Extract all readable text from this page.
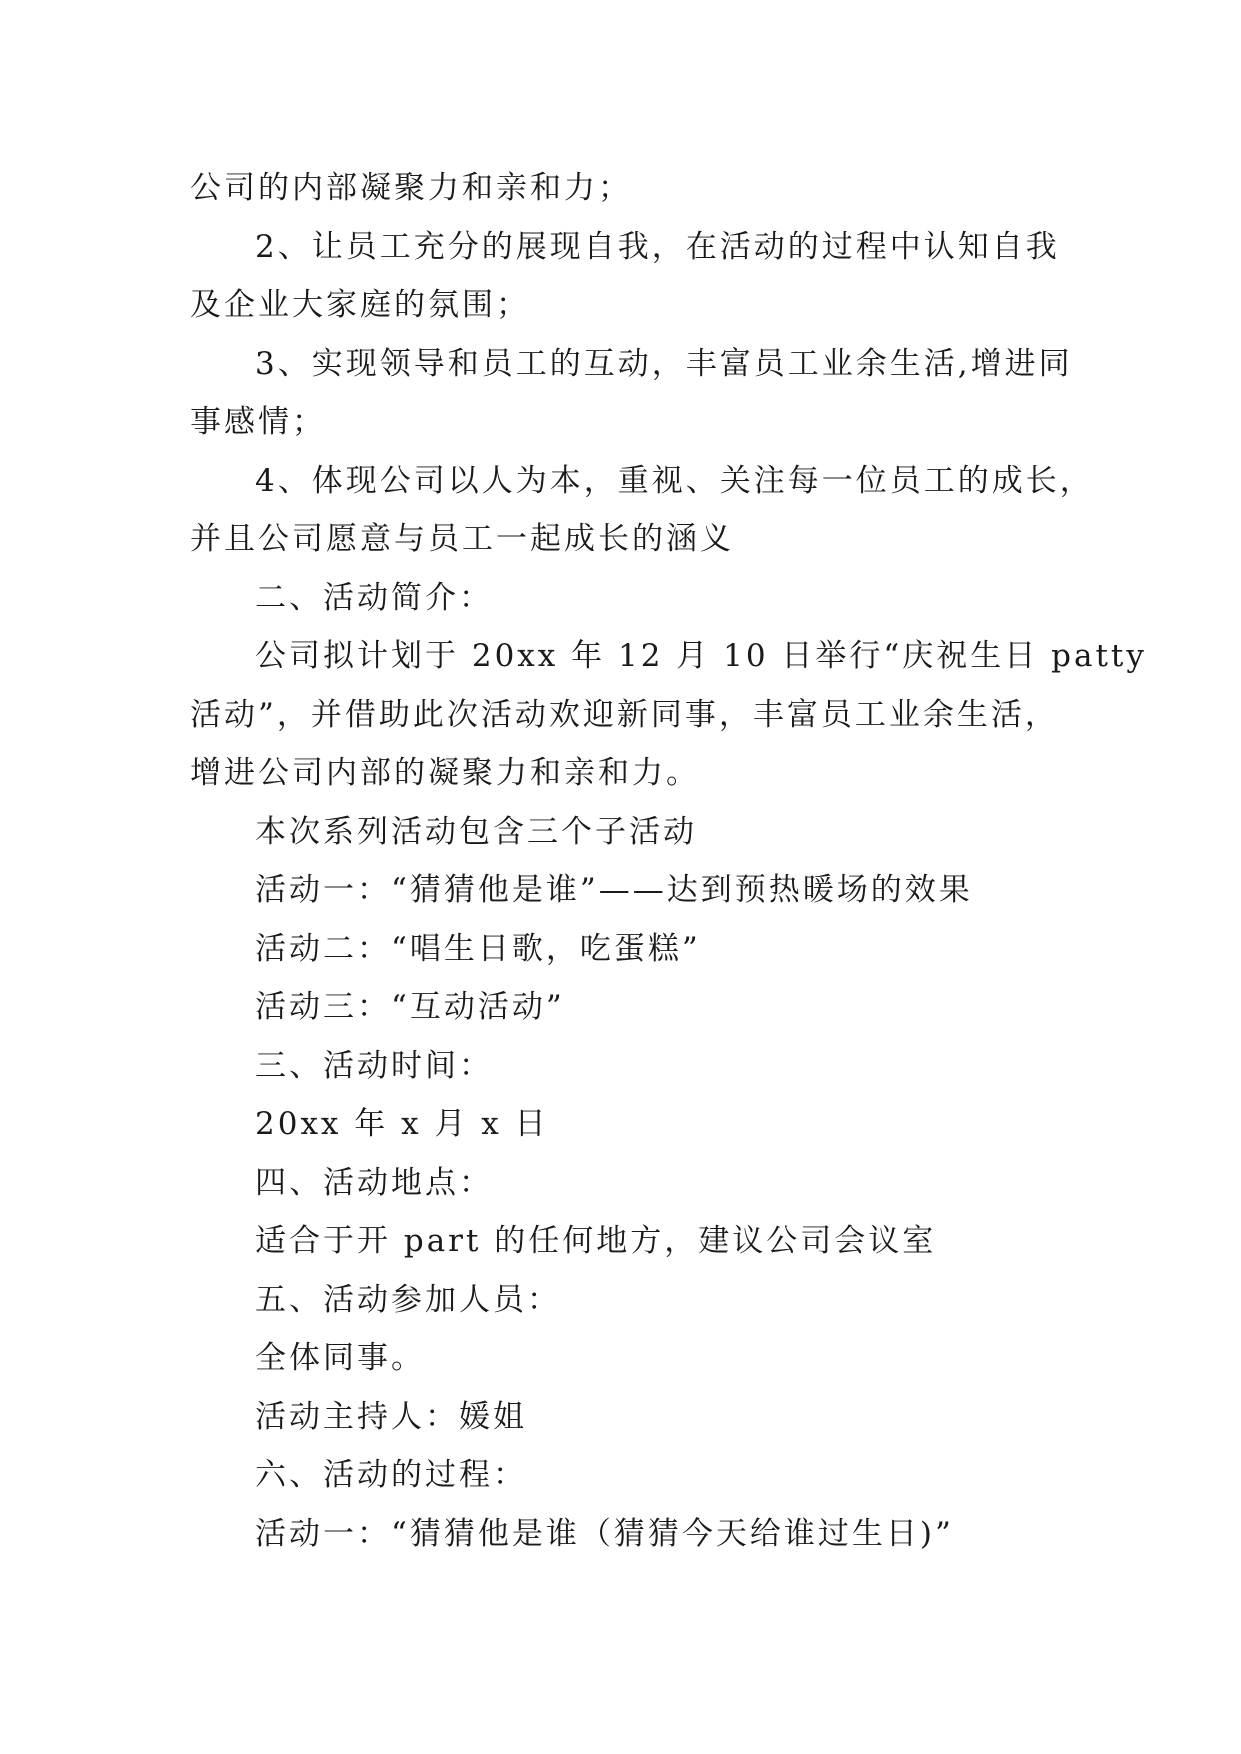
公司的内部凝聚力和亲和力；

2、让员工充分的展现自我，在活动的过程中认知自我

及企业大家庭的氛围；

3、实现领导和员工的互动，丰富员工业余生活,增进同

事感情；

4、体现公司以人为本，重视、关注每一位员工的成长，

并且公司愿意与员工一起成长的涵义

二、活动简介：

公司拟计划于 20xx 年 12 月 10 日举行“庆祝生日 patty

活动”，并借助此次活动欢迎新同事，丰富员工业余生活，

增进公司内部的凝聚力和亲和力。

本次系列活动包含三个子活动

活动一：“猜猜他是谁”——达到预热暖场的效果

活动二：“唱生日歌，吃蛋糕”

活动三：“互动活动”

三、活动时间：

20xx 年 x 月 x 日

四、活动地点：

适合于开 part 的任何地方，建议公司会议室

五、活动参加人员：

全体同事。

活动主持人：媛姐

六、活动的过程：

活动一：“猜猜他是谁（猜猜今天给谁过生日)”
